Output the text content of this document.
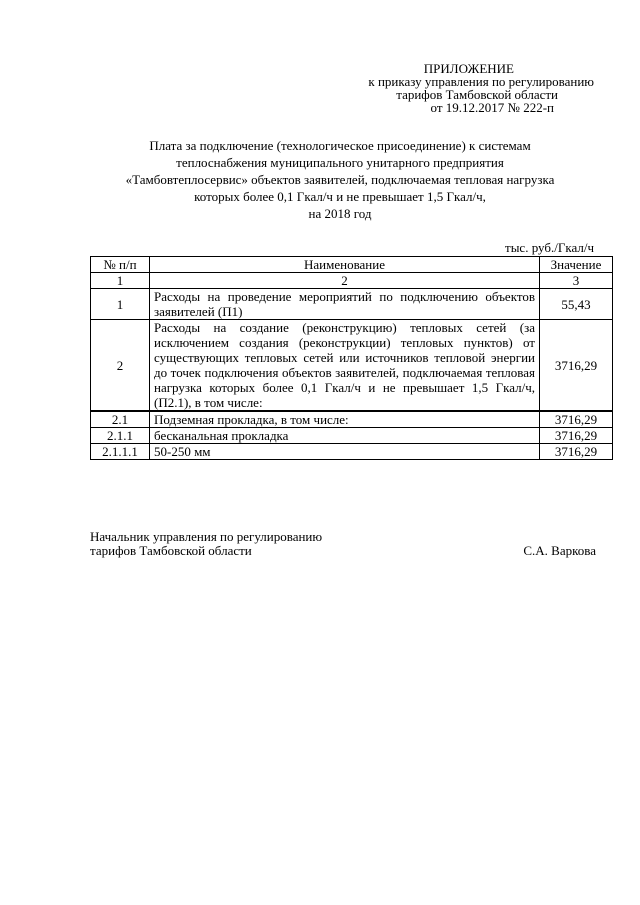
ПРИЛОЖЕНИЕ
к приказу управления по регулированию
тарифов Тамбовской области
от 19.12.2017 № 222-п
Плата за подключение (технологическое присоединение) к системам
теплоснабжения муниципального унитарного предприятия
«Тамбовтеплосервис» объектов заявителей, подключаемая тепловая нагрузка
которых более 0,1 Гкал/ч и не превышает 1,5 Гкал/ч,
на 2018 год
тыс. руб./Гкал/ч
№ п/п	Наименование	Значение
1	2	3
1	Расходы на проведение мероприятий по подключению объектов заявителей (П1)	55,43
2	Расходы на создание (реконструкцию) тепловых сетей (за исключением создания (реконструкции) тепловых пунктов) от существующих тепловых сетей или источников тепловой энергии до точек подключения объектов заявителей, подключаемая тепловая нагрузка которых более 0,1 Гкал/ч и не превышает 1,5 Гкал/ч, (П2.1), в том числе:	3716,29
2.1	Подземная прокладка, в том числе:	3716,29
2.1.1	бесканальная прокладка	3716,29
2.1.1.1	50-250 мм	3716,29
Начальник управления по регулированию
тарифов Тамбовской области	С.А. Варкова
